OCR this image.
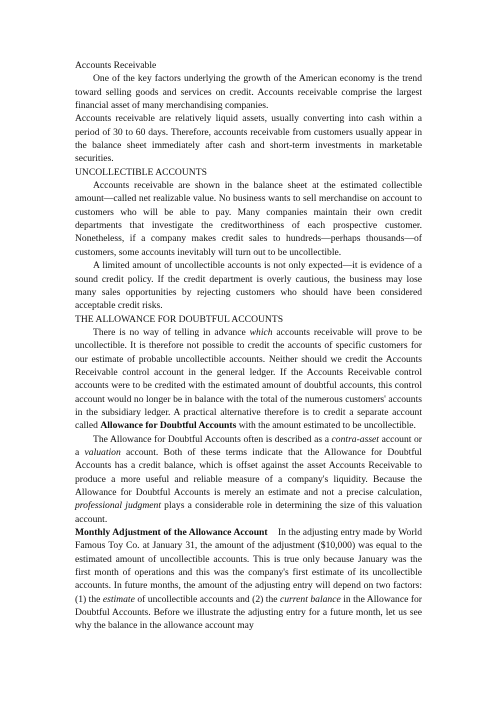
Accounts Receivable

One of the key factors underlying the growth of the American economy is the trend toward selling goods and services on credit. Accounts receivable comprise the largest financial asset of many merchandising companies.

Accounts receivable are relatively liquid assets, usually converting into cash within a period of 30 to 60 days. Therefore, accounts receivable from customers usually appear in the balance sheet immediately after cash and short-term investments in marketable securities.

UNCOLLECTIBLE ACCOUNTS

Accounts receivable are shown in the balance sheet at the estimated collectible amount—called net realizable value. No business wants to sell merchandise on account to customers who will be able to pay. Many companies maintain their own credit departments that investigate the creditworthiness of each prospective customer. Nonetheless, if a company makes credit sales to hundreds—perhaps thousands—of customers, some accounts inevitably will turn out to be uncollectible.

A limited amount of uncollectible accounts is not only expected—it is evidence of a sound credit policy. If the credit department is overly cautious, the business may lose many sales opportunities by rejecting customers who should have been considered acceptable credit risks.

THE ALLOWANCE FOR DOUBTFUL ACCOUNTS

There is no way of telling in advance which accounts receivable will prove to be uncollectible. It is therefore not possible to credit the accounts of specific customers for our estimate of probable uncollectible accounts. Neither should we credit the Accounts Receivable control account in the general ledger. If the Accounts Receivable control accounts were to be credited with the estimated amount of doubtful accounts, this control account would no longer be in balance with the total of the numerous customers' accounts in the subsidiary ledger. A practical alternative therefore is to credit a separate account called Allowance for Doubtful Accounts with the amount estimated to be uncollectible.

The Allowance for Doubtful Accounts often is described as a contra-asset account or a valuation account. Both of these terms indicate that the Allowance for Doubtful Accounts has a credit balance, which is offset against the asset Accounts Receivable to produce a more useful and reliable measure of a company's liquidity. Because the Allowance for Doubtful Accounts is merely an estimate and not a precise calculation, professional judgment plays a considerable role in determining the size of this valuation account.

Monthly Adjustment of the Allowance Account In the adjusting entry made by World Famous Toy Co. at January 31, the amount of the adjustment ($10,000) was equal to the estimated amount of uncollectible accounts. This is true only because January was the first month of operations and this was the company's first estimate of its uncollectible accounts. In future months, the amount of the adjusting entry will depend on two factors: (1) the estimate of uncollectible accounts and (2) the current balance in the Allowance for Doubtful Accounts. Before we illustrate the adjusting entry for a future month, let us see why the balance in the allowance account may
